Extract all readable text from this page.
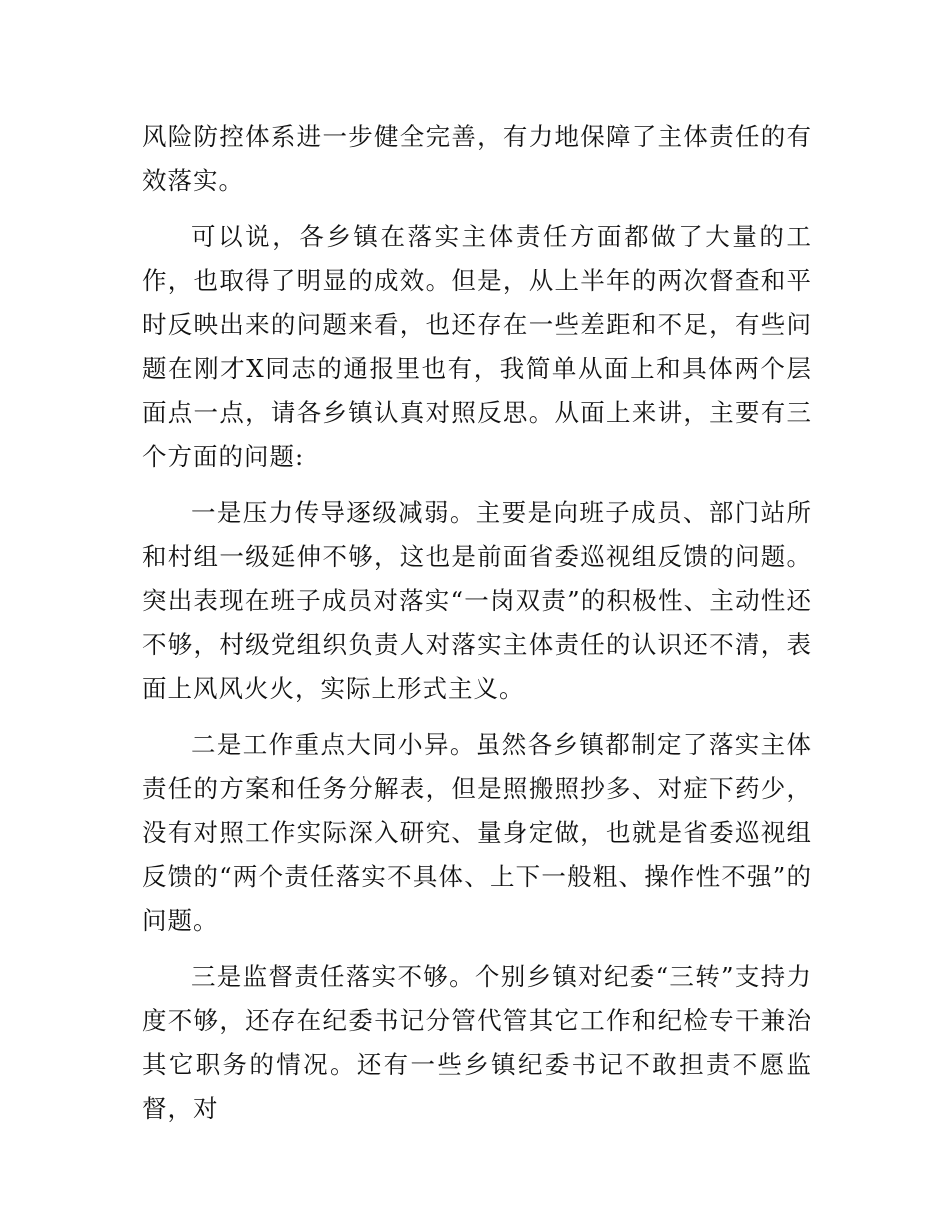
风险防控体系进一步健全完善，有力地保障了主体责任的有效落实。

可以说，各乡镇在落实主体责任方面都做了大量的工作，也取得了明显的成效。但是，从上半年的两次督查和平时反映出来的问题来看，也还存在一些差距和不足，有些问题在刚才X同志的通报里也有，我简单从面上和具体两个层面点一点，请各乡镇认真对照反思。从面上来讲，主要有三个方面的问题:

一是压力传导逐级减弱。主要是向班子成员、部门站所和村组一级延伸不够，这也是前面省委巡视组反馈的问题。突出表现在班子成员对落实“一岗双责”的积极性、主动性还不够，村级党组织负责人对落实主体责任的认识还不清，表面上风风火火，实际上形式主义。

二是工作重点大同小异。虽然各乡镇都制定了落实主体责任的方案和任务分解表，但是照搬照抄多、对症下药少，没有对照工作实际深入研究、量身定做，也就是省委巡视组反馈的“两个责任落实不具体、上下一般粗、操作性不强”的问题。

三是监督责任落实不够。个别乡镇对纪委“三转”支持力度不够，还存在纪委书记分管代管其它工作和纪检专干兼治其它职务的情况。还有一些乡镇纪委书记不敢担责不愿监督，对
